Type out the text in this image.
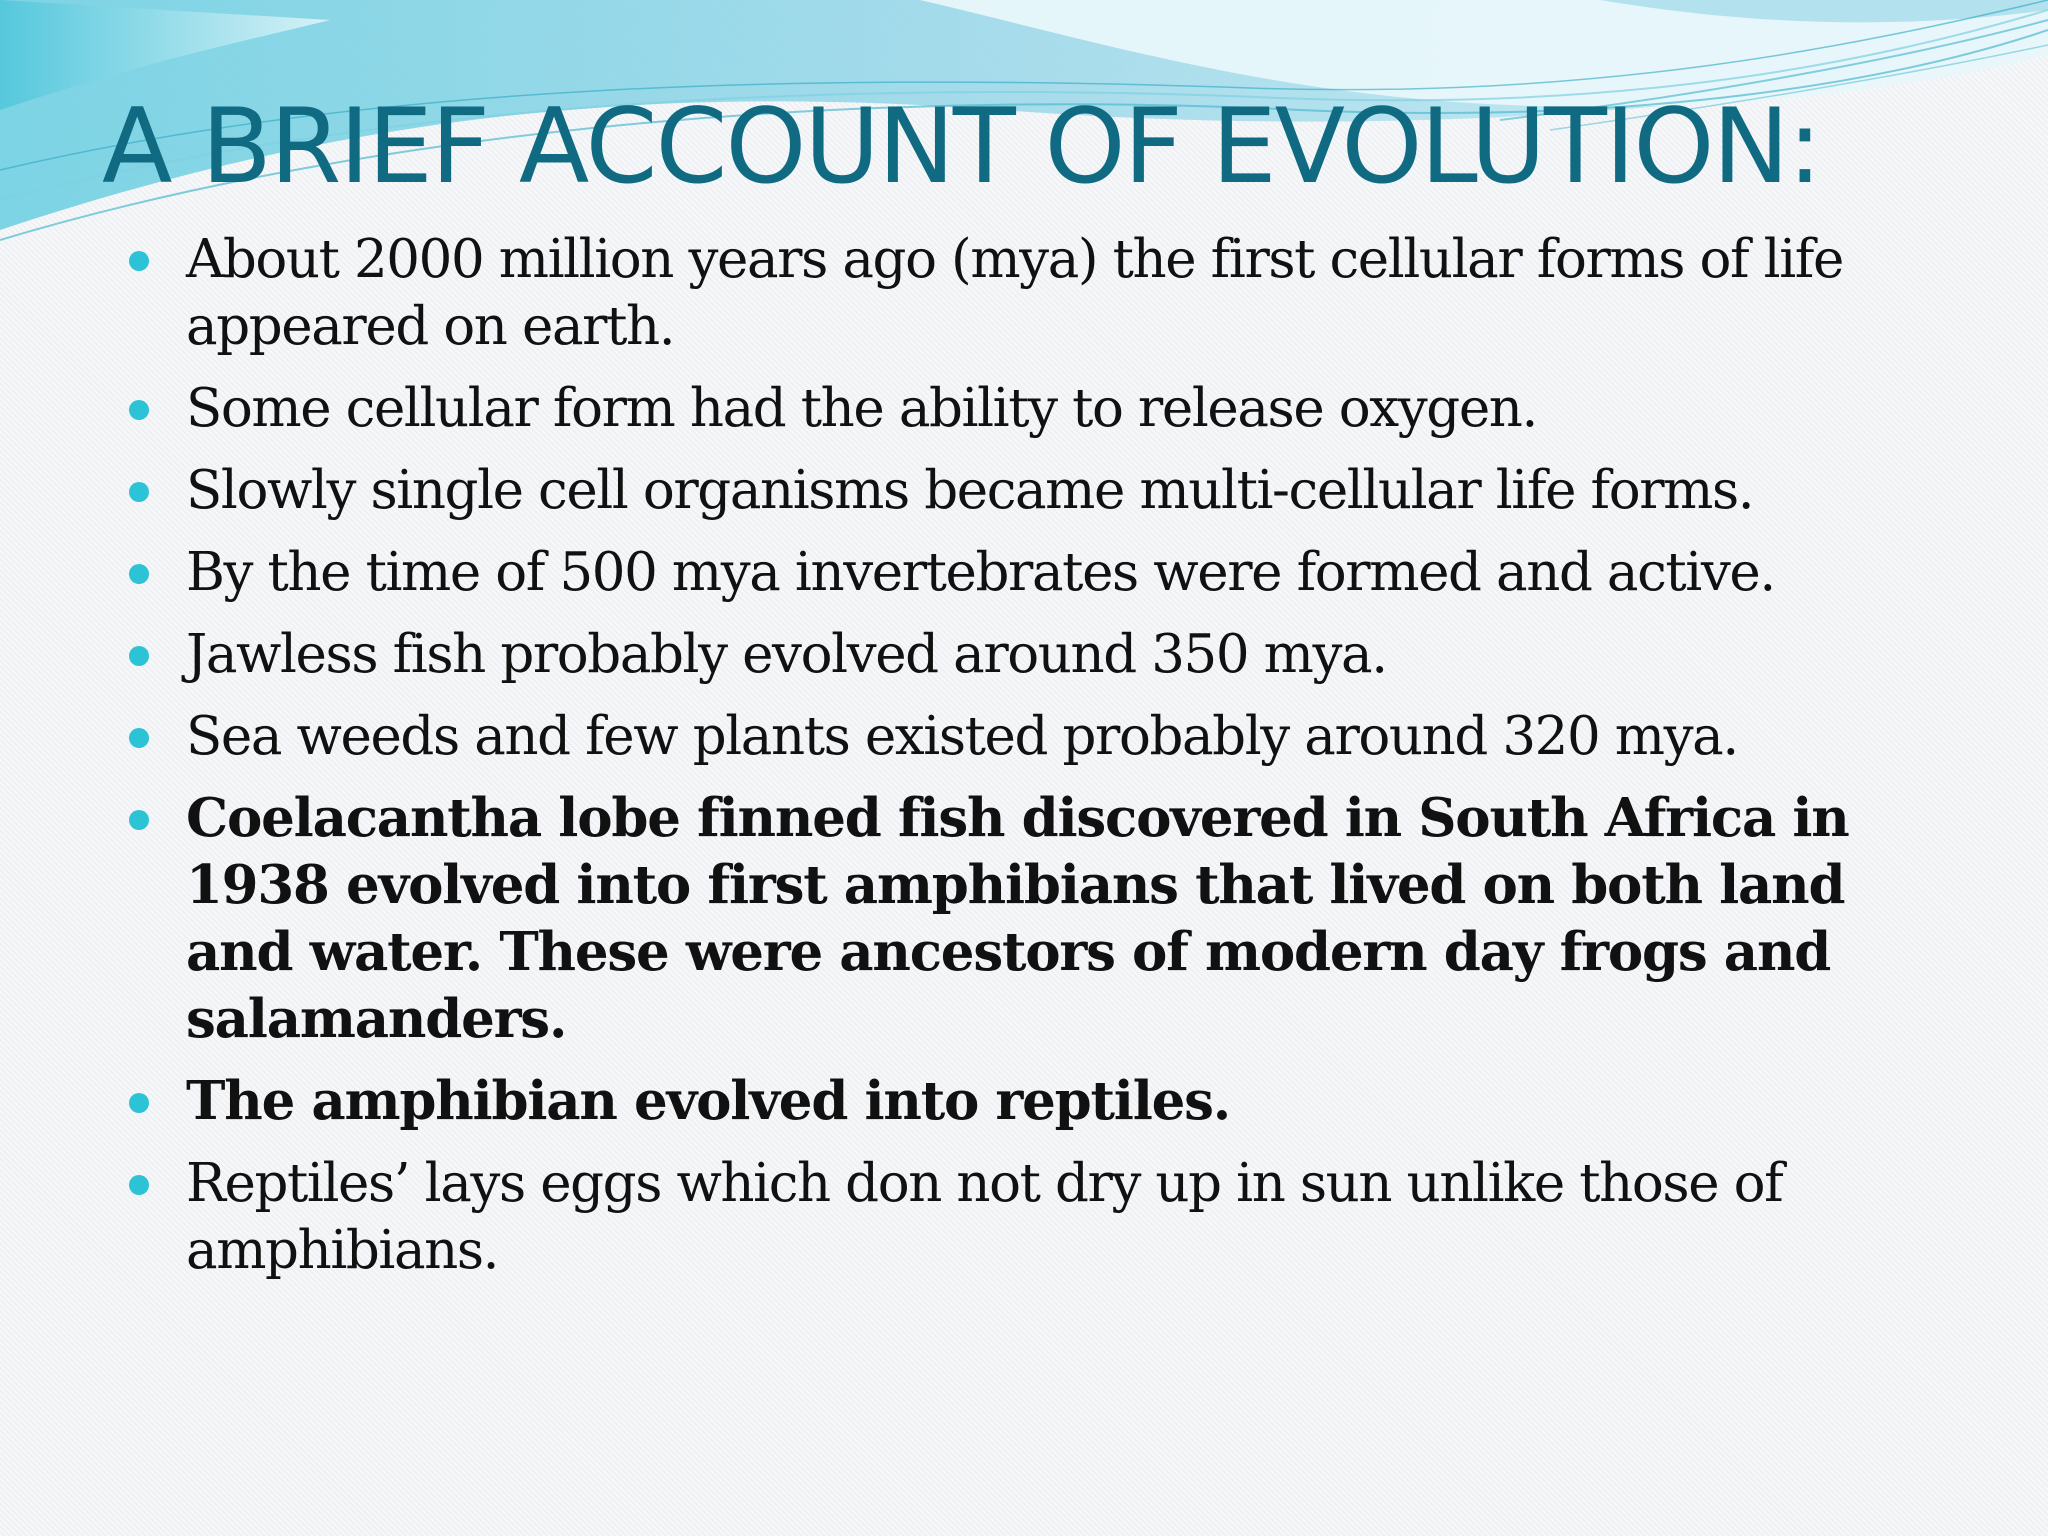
A BRIEF ACCOUNT OF EVOLUTION:
About 2000 million years ago (mya) the first cellular forms of life appeared on earth.
Some cellular form had the ability to release oxygen.
Slowly single cell organisms became multi-cellular life forms.
By the time of 500 mya invertebrates were formed and active.
Jawless fish probably evolved around 350 mya.
Sea weeds and few plants existed probably around 320 mya.
Coelacantha lobe finned fish discovered in South Africa in 1938 evolved into first amphibians that lived on both land and water. These were ancestors of modern day frogs and salamanders.
The amphibian evolved into reptiles.
Reptiles’ lays eggs which don not dry up in sun unlike those of amphibians.
